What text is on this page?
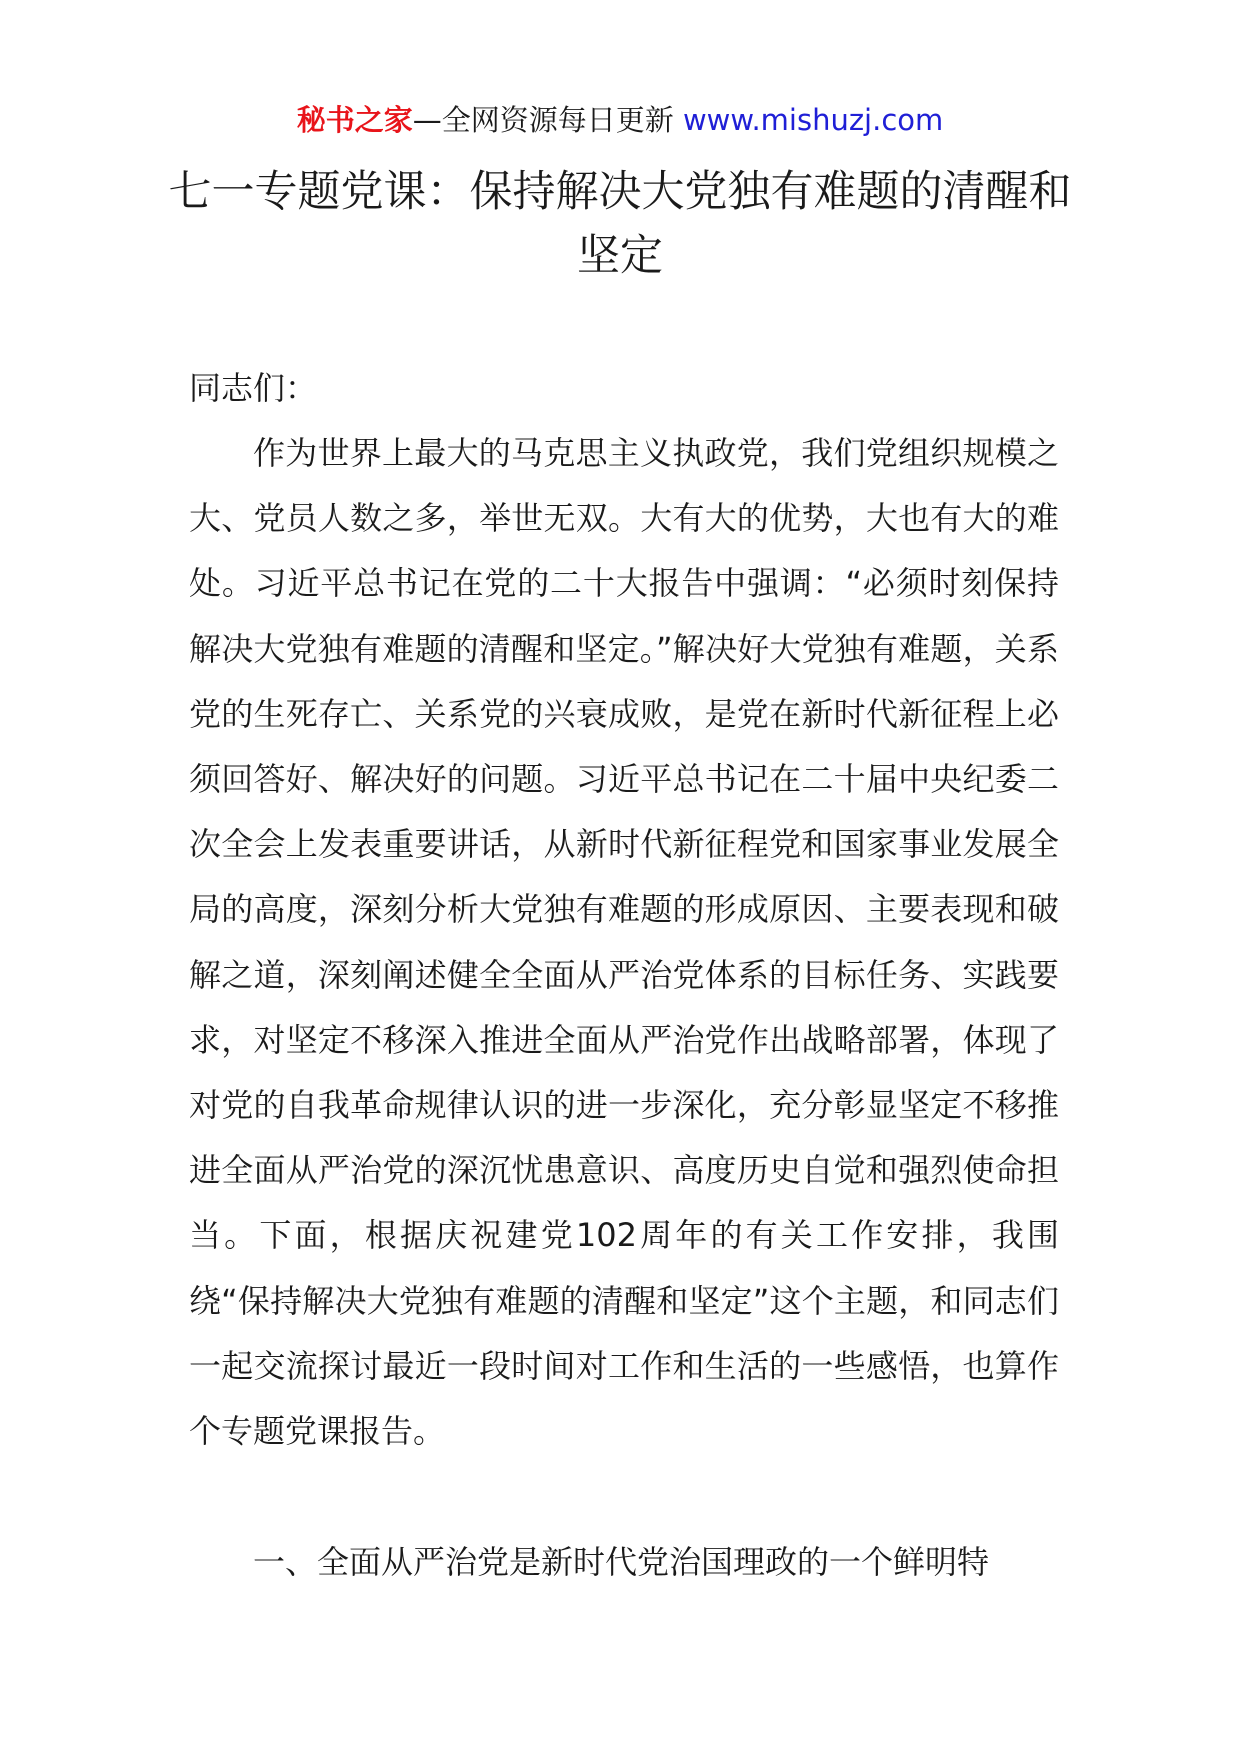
秘书之家—全网资源每日更新 www.mishuzj.com
七一专题党课：保持解决大党独有难题的清醒和坚定

同志们：

作为世界上最大的马克思主义执政党，我们党组织规模之大、党员人数之多，举世无双。大有大的优势，大也有大的难处。习近平总书记在党的二十大报告中强调：“必须时刻保持解决大党独有难题的清醒和坚定。”解决好大党独有难题，关系党的生死存亡、关系党的兴衰成败，是党在新时代新征程上必须回答好、解决好的问题。习近平总书记在二十届中央纪委二次全会上发表重要讲话，从新时代新征程党和国家事业发展全局的高度，深刻分析大党独有难题的形成原因、主要表现和破解之道，深刻阐述健全全面从严治党体系的目标任务、实践要求，对坚定不移深入推进全面从严治党作出战略部署，体现了对党的自我革命规律认识的进一步深化，充分彰显坚定不移推进全面从严治党的深沉忧患意识、高度历史自觉和强烈使命担当。下面，根据庆祝建党102周年的有关工作安排，我围绕“保持解决大党独有难题的清醒和坚定”这个主题，和同志们一起交流探讨最近一段时间对工作和生活的一些感悟，也算作个专题党课报告。

一、全面从严治党是新时代党治国理政的一个鲜明特
